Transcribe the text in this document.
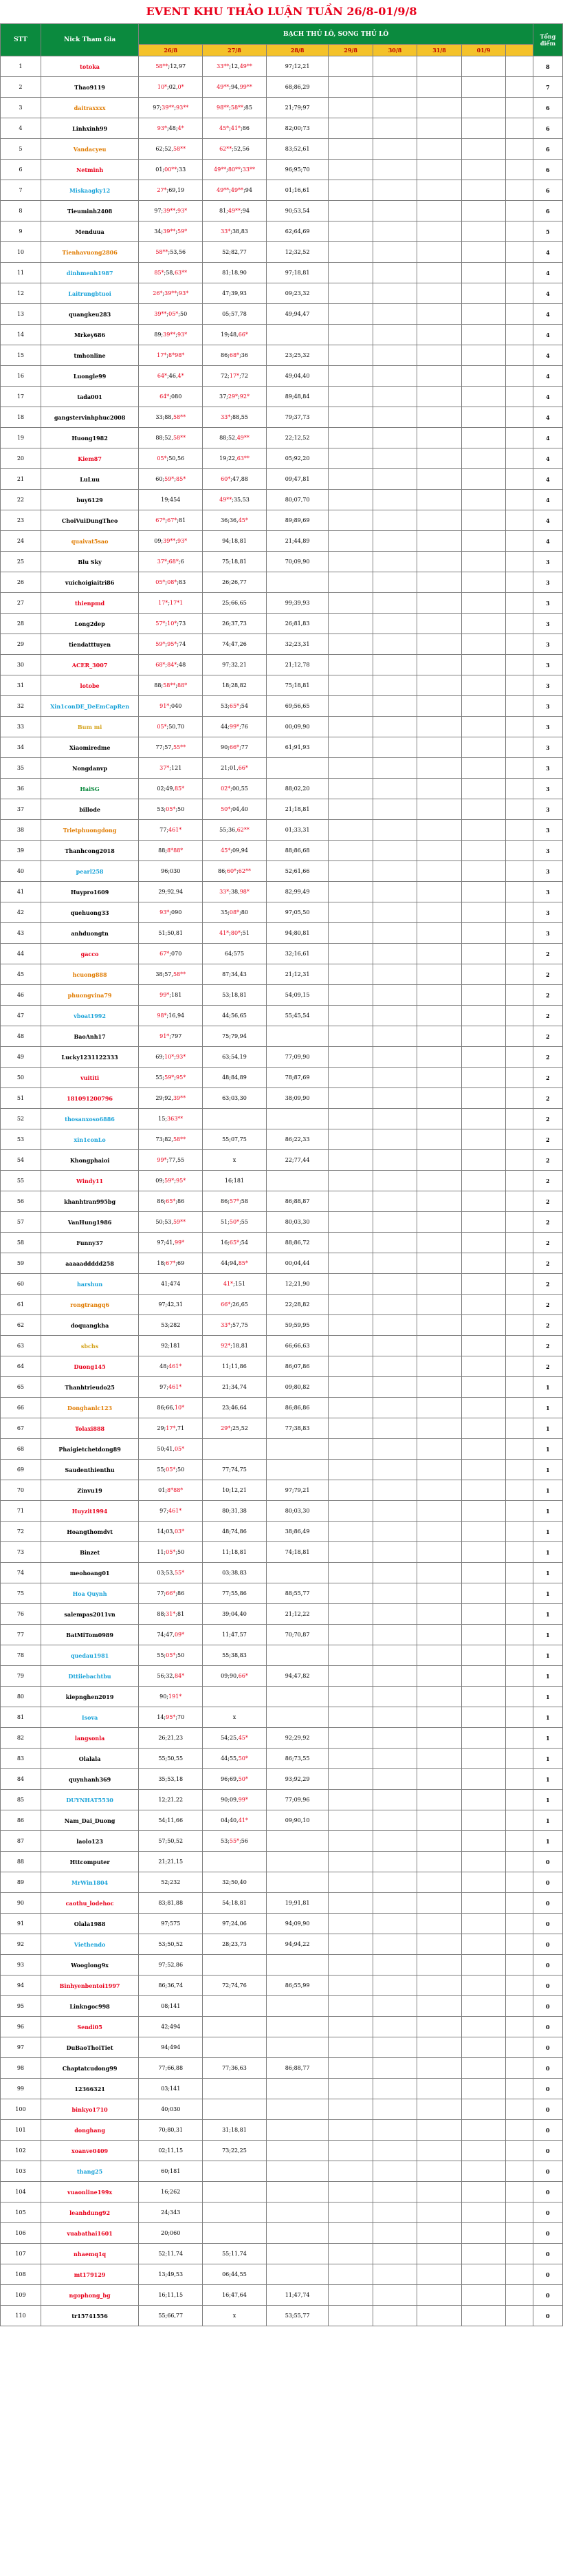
EVENT KHU THẢO LUẬN TUẦN 26/8-01/9/8
STT	Nick Tham Gia	BẠCH THỦ LÔ, SONG THỦ LÔ								Tổng điểm
		26/8	27/8	28/8	29/8	30/8	31/8	01/9		
1	totoka	58**;12,97	33**;12,49**	97;12,21						8
2	Thao9119	10*;02,0*	49**;94,99**	68;86,29						7
3	daitraxxxx	97;39**;93**	98**;58**;85	21;79;97						6
4	Linhxinh99	93*;48;4*	45*;41*;86	82;00;73						6
5	Vandacyeu	62;52,58**	62**;52,56	83;52,61						6
6	Netminh	01;00**;33	49**;80**;33**	96;95;70						6
7	Miskaagky12	27*;69,19	49**;49**;94	01;16,61						6
8	Tieuminh2408	97;39**;93*	81;49**;94	90;53,54						6
9	Menduua	34;39**;59*	33*;38,83	62;64,69						5
10	Tienhavuong2806	58**;53,56	52;82,77	12;32,52						4
11	dinhmenh1987	85*;58,63**	81;18,90	97;18,81						4
12	Laitrungbtuoi	26*;39**;93*	47;39,93	09;23,32						4
13	quangkeu283	39**;05*;50	05;57,78	49;94,47						4
14	Mrkey686	89;39**;93*	19;48,66*							4
15	tmhonline	17*;8*98*	86;68*;36	23;25,32						4
16	Luongle99	64*;46,4*	72;17*;72	49;04,40						4
17	tada001	64*;080	37;29*;92*	89;48,84						4
18	gangstervinhphuc2008	33;88,58**	33*;88,55	79;37,73						4
19	Huong1982	88;52,58**	88;52,49**	22;12,52						4
20	Kiem87	05*;50,56	19;22,63**	05;92,20						4
21	LuLuu	60;59*;85*	60*;47,88	09;47,81						4
22	buy6129	19;454	49**;35,53	80;07,70						4
23	ChoiVuiDungTheo	67*;67*;81	36;36,45*	89;89,69						4
24	quaivat5sao	09;39**;93*	94;18,81	21;44,89						4
25	Blu Sky	37*;68*;6	75;18,81	70;09,90						3
26	vuichoigiaitri86	05*;08*;83	26;26,77							3
27	thienpmd	17*;17*1	25;66,65	99;39,93						3
28	Long2dep	57*;10*;73	26;37,73	26;81,83						3
29	tiendatttuyen	59*;95*;74	74;47,26	32;23,31						3
30	ACER_3007	68*;84*;48	97;32,21	21;12,78						3
31	lotobe	88;58**;88*	18;28,82	75;18,81						3
32	Xin1conDE_DeEmCapRen	91*;040	53;65*;54	69;56,65						3
33	Bum mi	05*;50,70	44;99*;76	00;09,90						3
34	Xiaomiredme	77;57,55**	90;66*;77	61;91,93						3
35	Nongdanvp	37*;121	21;01,66*							3
36	HaiSG	02;49,85*	02*;00,55	88;02,20						3
37	billode	53;05*;50	50*;04,40	21;18,81						3
38	Trietphuongdong	77;461*	55;36,62**	01;33,31						3
39	Thanhcong2018	88;8*88*	45*;09,94	88;86,68						3
40	pearl258	96;030	86;60*;62**	52;61,66						3
41	Huypro1609	29;92,94	33*;38,98*	82;99,49						3
42	quehuong33	93*;090	35;08*;80	97;05,50						3
43	anhduongtn	51;50,81	41*;80*;51	94;80,81						3
44	gacco	67*;070	64;575	32;16,61						2
45	hcuong888	38;57,58**	87;34,43	21;12,31						2
46	phuongvina79	99*;181	53;18,81	54;09,15						2
47	vboat1992	98*;16,94	44;56,65	55;45,54						2
48	BaoAnh17	91*;797	75;79,94							2
49	Lucky1231122333	69;10*;93*	63;54,19	77;09,90						2
50	vuititi	55;59*;95*	48;84,89	78;87,69						2
51	181091200796	29;92,39**	63;03,30	38;09,90						2
52	thosanxoso6886	15;363**								2
53	xin1conLo	73;82,58**	55;07,75	86;22,33						2
54	Khongphaioi	99*;77,55	x	22;77,44						2
55	Windy11	09;59*;95*	16;181							2
56	khanhtran995bg	86;65*;86	86;57*;58	86;88,87						2
57	VanHung1986	50;53,59**	51;50*;55	80;03,30						2
58	Funny37	97;41,99*	16;65*;54	88;86,72						2
59	aaaaaddddd258	18;67*;69	44;94,85*	00;04,44						2
60	harshun	41;474	41*;151	12;21,90						2
61	rongtrangq6	97;42,31	66*;26,65	22;28,82						2
62	doquangkha	53;282	33*;57,75	59;59,95						2
63	sbchs	92;181	92*;18,81	66;66,63						2
64	Duong145	48;461*	11;11,86	86;07,86						2
65	Thanhtrieudo25	97;461*	21;34,74	09;80,82						1
66	Donghanlc123	86;66,10*	23;46,64	86;86,86						1
67	Tolaxi888	29;17*,71	29*;25,52	77;38,83						1
68	Phaigietchetdong89	50;41,05*								1
69	Saudenthienthu	55;05*;50	77;74,75							1
70	Zinvu19	01;8*88*	10;12,21	97;79,21						1
71	Huyzit1994	97;461*	80;31,38	80;03,30						1
72	Hoangthomdvt	14;03,03*	48;74,86	38;86,49						1
73	Binzet	11;05*;50	11;18,81	74;18,81						1
74	meohoang01	03;53,55*	03;38,83							1
75	Hoa Quynh	77;66*;86	77;55,86	88;55,77						1
76	salempas2011vn	88;31*;81	39;04,40	21;12,22						1
77	BatMiTom0989	74;47,09*	11;47,57	70;70,87						1
78	quedau1981	55;05*;50	55;38,83							1
79	Dttiiebachtbu	56;32,84*	09;90,66*	94;47,82						1
80	kiepnghen2019	90;191*								1
81	Isova	14;95*;70	x							1
82	langsonla	26;21,23	54;25,45*	92;29,92						1
83	Olalala	55;50,55	44;55,50*	86;73,55						1
84	quynhanh369	35;53,18	96;69,50*	93;92,29						1
85	DUYNHAT5530	12;21,22	90;09,99*	77;09,96						1
86	Nam_Dai_Duong	54;11,66	04;40,41*	09;90,10						1
87	laolo123	57;50,52	53;55*;56							1
88	Httcomputer	21;21,15								0
89	MrWin1804	52;232	32;50,40							0
90	caothu_lodehoc	83;81,88	54;18,81	19;91,81						0
91	Olala1988	97;575	97;24,06	94;09,90						0
92	Viethendo	53;50,52	28;23,73	94;94,22						0
93	Wooglong9x	97;52,86								0
94	Binhyenbentoi1997	86;36,74	72;74,76	86;55,99						0
95	Linkngoc998	08;141								0
96	Sendi05	42;494								0
97	DuBaoThoiTiet	94;494								0
98	Chaptatcudong99	77;66,88	77;36,63	86;88,77						0
99	12366321	03;141								0
100	binkyo1710	40;030								0
101	donghang	70;80,31	31;18,81							0
102	xoanve0409	02;11,15	73;22,25							0
103	thang25	60;181								0
104	vuaonline199x	16;262								0
105	leanhdung92	24;343								0
106	vuabathai1601	20;060								0
107	nhaemq1q	52;11,74	55;11,74							0
108	mt179129	13;49,53	06;44,55							0
109	ngophong_bg	16;11,15	16;47,64	11;47,74						0
110	tr15741556	55;66,77	x	53;55,77						0
